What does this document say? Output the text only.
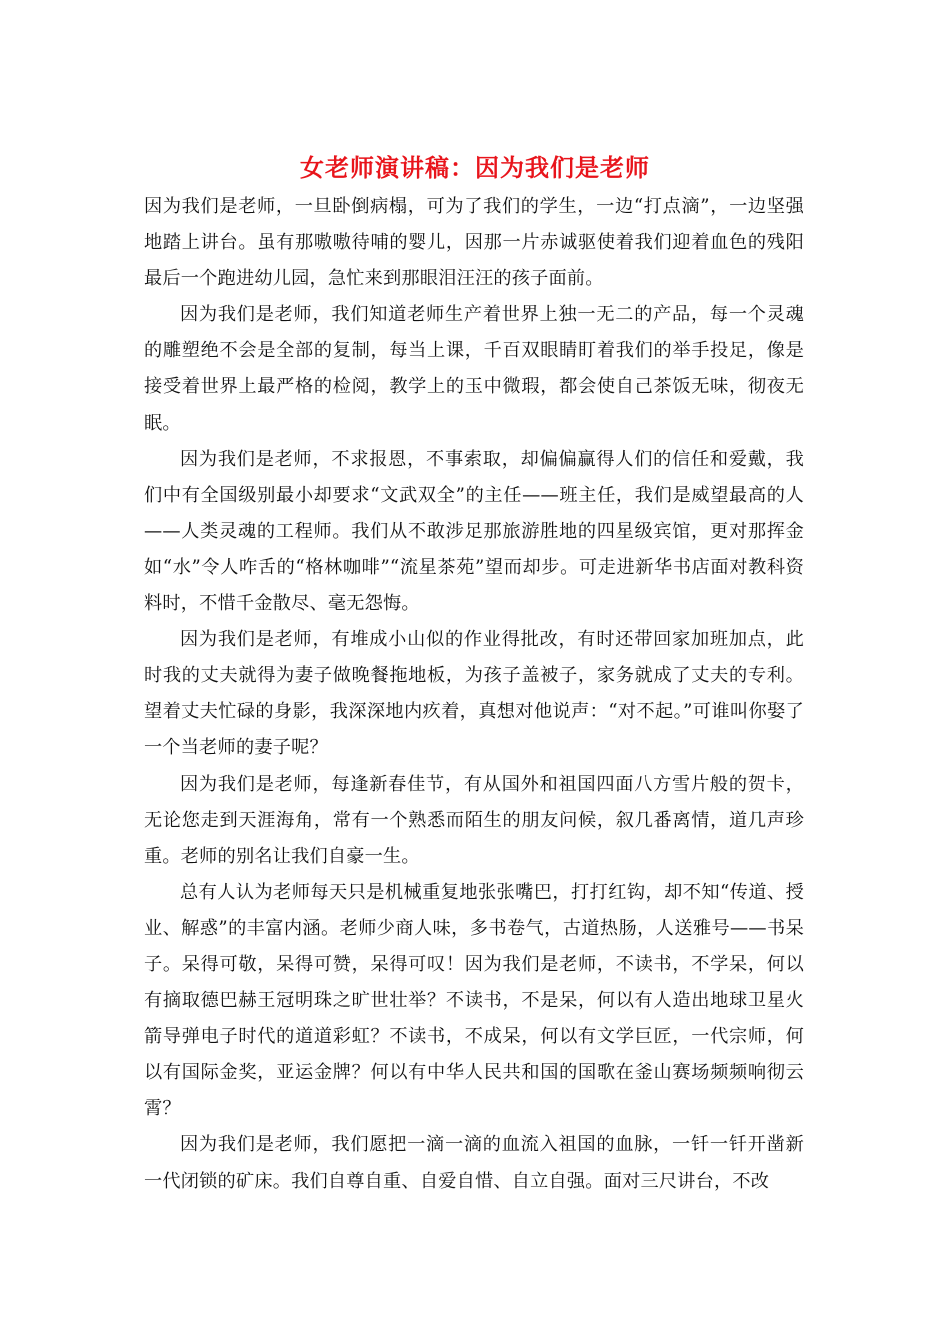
女老师演讲稿：因为我们是老师

因为我们是老师，一旦卧倒病榻，可为了我们的学生，一边“打点滴”，一边坚强地踏上讲台。虽有那嗷嗷待哺的婴儿，因那一片赤诚驱使着我们迎着血色的残阳最后一个跑进幼儿园，急忙来到那眼泪汪汪的孩子面前。

因为我们是老师，我们知道老师生产着世界上独一无二的产品，每一个灵魂的雕塑绝不会是全部的复制，每当上课，千百双眼睛盯着我们的举手投足，像是接受着世界上最严格的检阅，教学上的玉中微瑕，都会使自己茶饭无味，彻夜无眠。

因为我们是老师，不求报恩，不事索取，却偏偏赢得人们的信任和爱戴，我们中有全国级别最小却要求“文武双全”的主任——班主任，我们是威望最高的人——人类灵魂的工程师。我们从不敢涉足那旅游胜地的四星级宾馆，更对那挥金如“水”令人咋舌的“格林咖啡”“流星茶苑”望而却步。可走进新华书店面对教科资料时，不惜千金散尽、毫无怨悔。

因为我们是老师，有堆成小山似的作业得批改，有时还带回家加班加点，此时我的丈夫就得为妻子做晚餐拖地板，为孩子盖被子，家务就成了丈夫的专利。望着丈夫忙碌的身影，我深深地内疚着，真想对他说声：“对不起。”可谁叫你娶了一个当老师的妻子呢？

因为我们是老师，每逢新春佳节，有从国外和祖国四面八方雪片般的贺卡，无论您走到天涯海角，常有一个熟悉而陌生的朋友问候，叙几番离情，道几声珍重。老师的别名让我们自豪一生。

总有人认为老师每天只是机械重复地张张嘴巴，打打红钩，却不知“传道、授业、解惑”的丰富内涵。老师少商人味，多书卷气，古道热肠，人送雅号——书呆子。呆得可敬，呆得可赞，呆得可叹！因为我们是老师，不读书，不学呆，何以有摘取德巴赫王冠明珠之旷世壮举？不读书，不是呆，何以有人造出地球卫星火箭导弹电子时代的道道彩虹？不读书，不成呆，何以有文学巨匠，一代宗师，何以有国际金奖，亚运金牌？何以有中华人民共和国的国歌在釜山赛场频频响彻云霄？

因为我们是老师，我们愿把一滴一滴的血流入祖国的血脉，一钎一钎开凿新一代闭锁的矿床。我们自尊自重、自爱自惜、自立自强。面对三尺讲台，不改
